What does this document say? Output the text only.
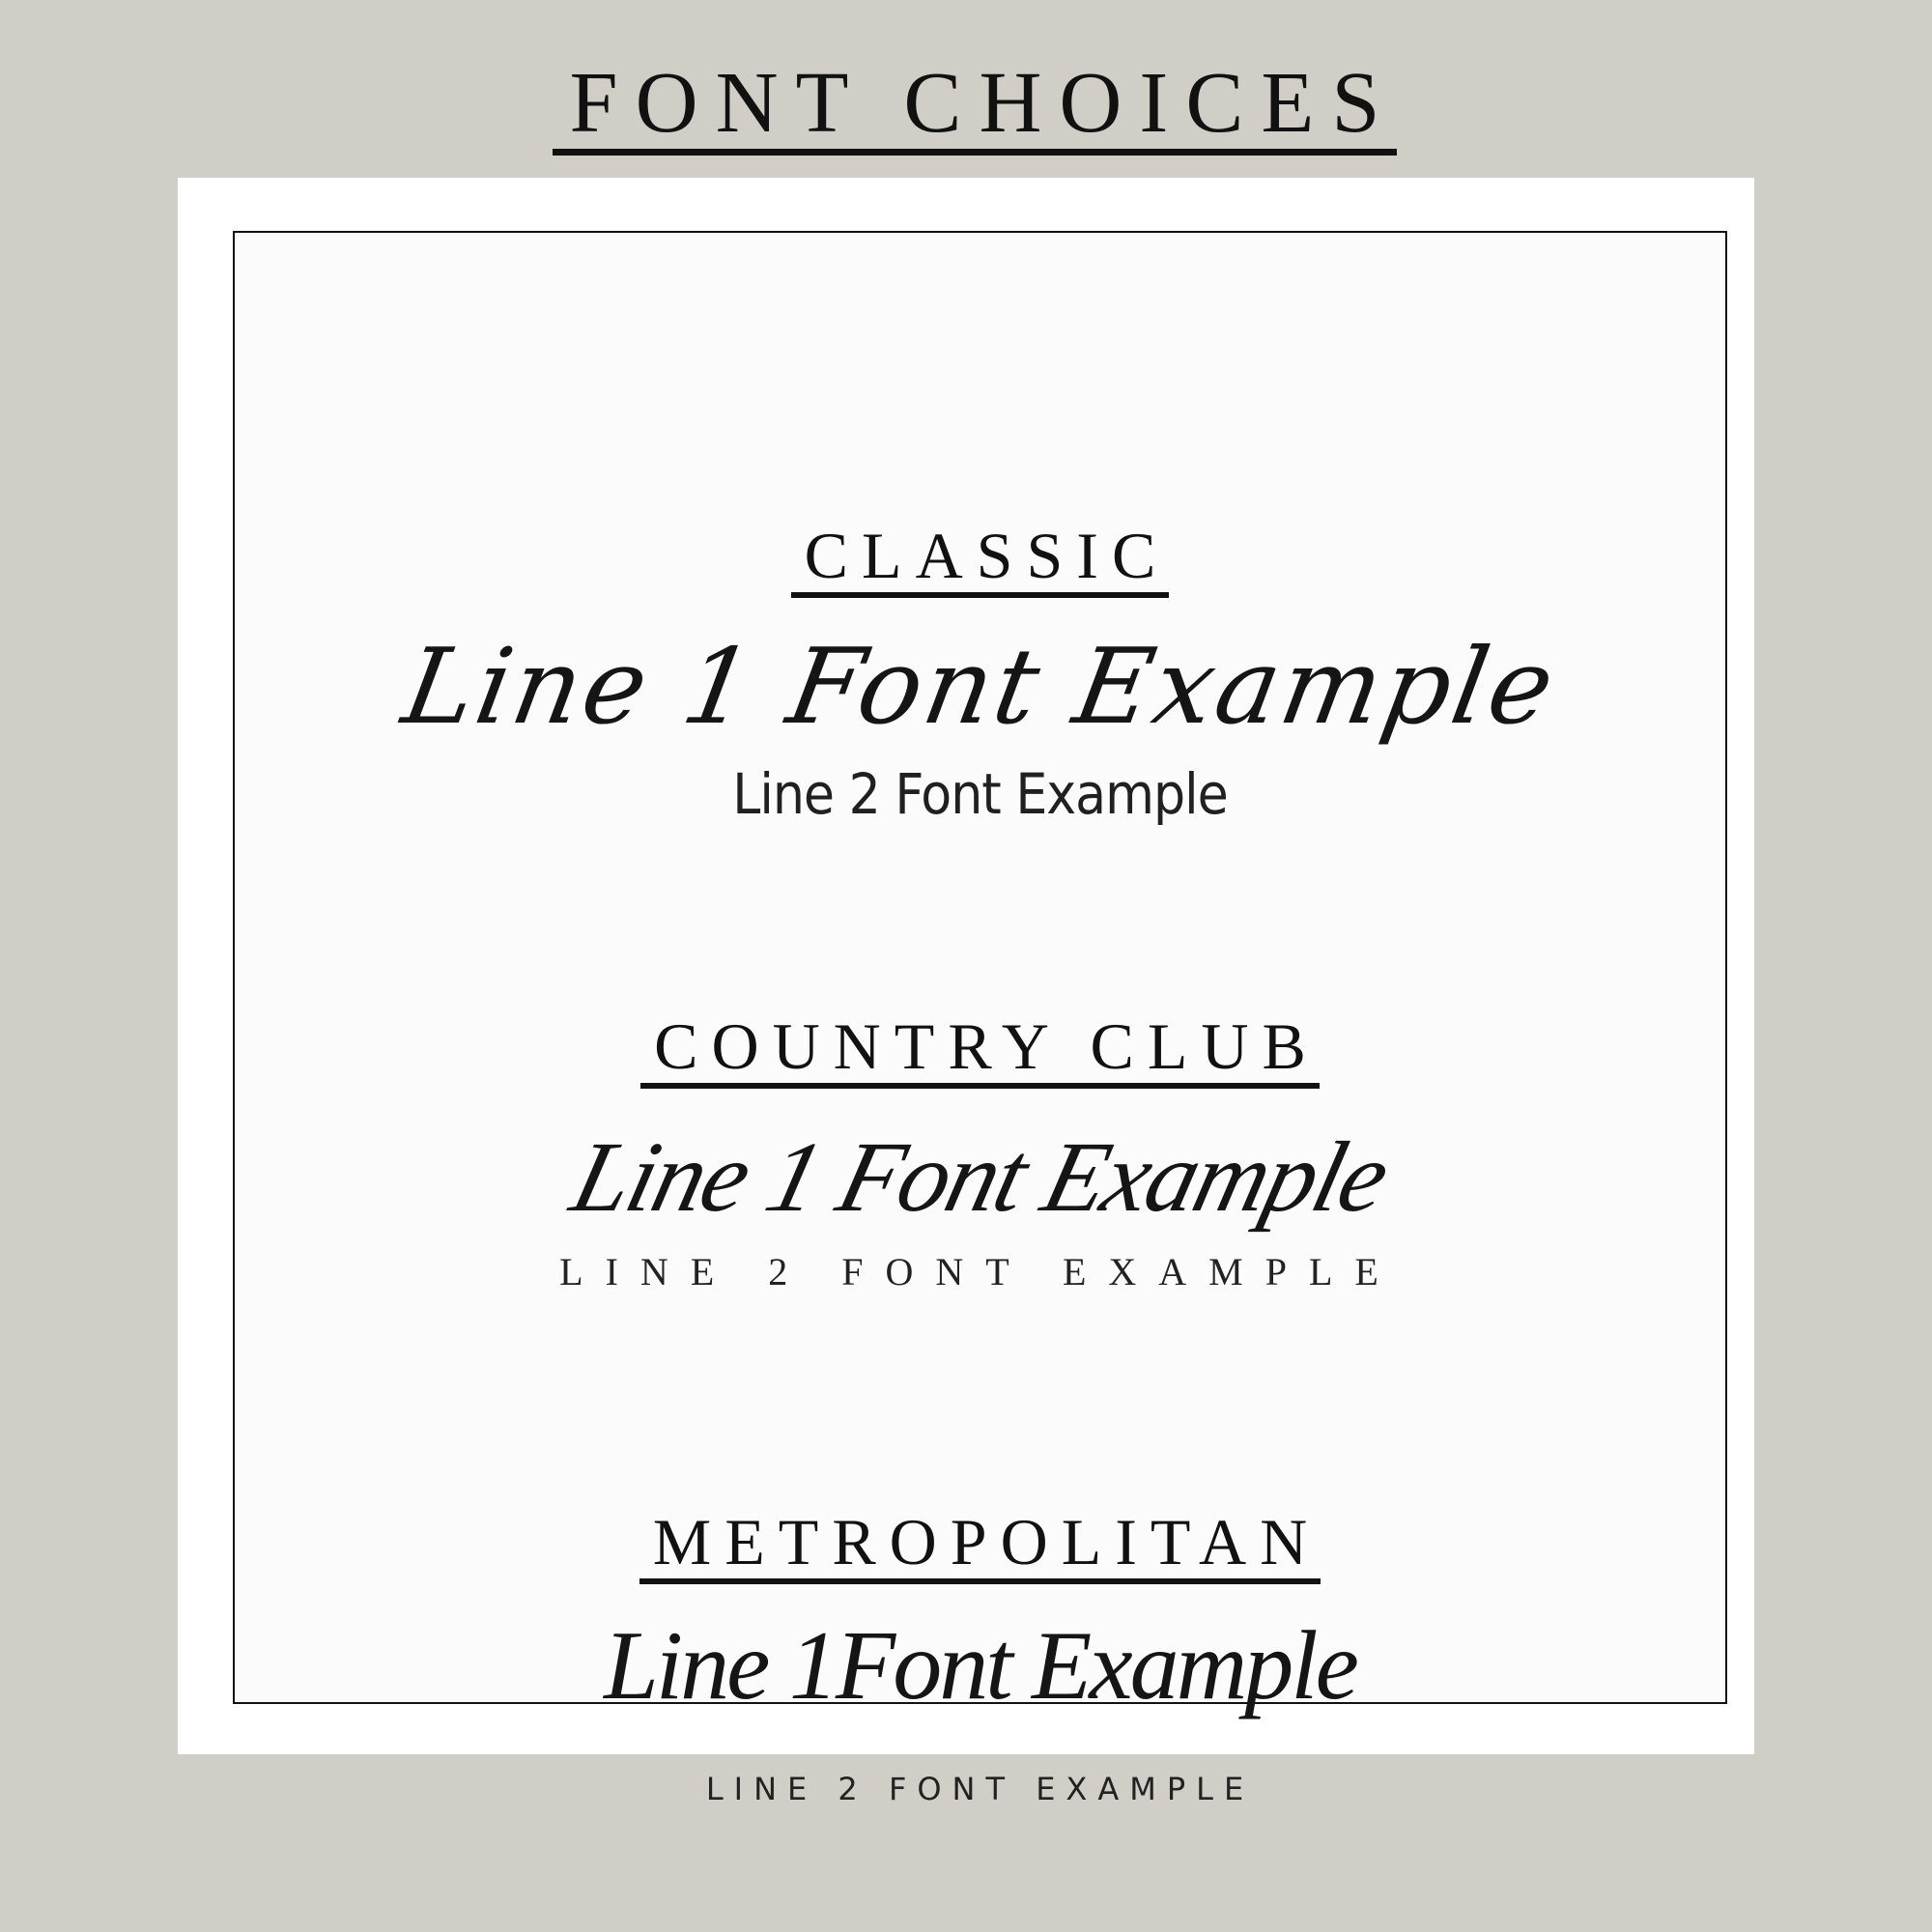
FONT CHOICES
CLASSIC
Line 1 Font Example
Line 2 Font Example
COUNTRY CLUB
Line 1 Font Example
LINE 2 FONT EXAMPLE
METROPOLITAN
Line 1Font Example
LINE 2 FONT EXAMPLE
